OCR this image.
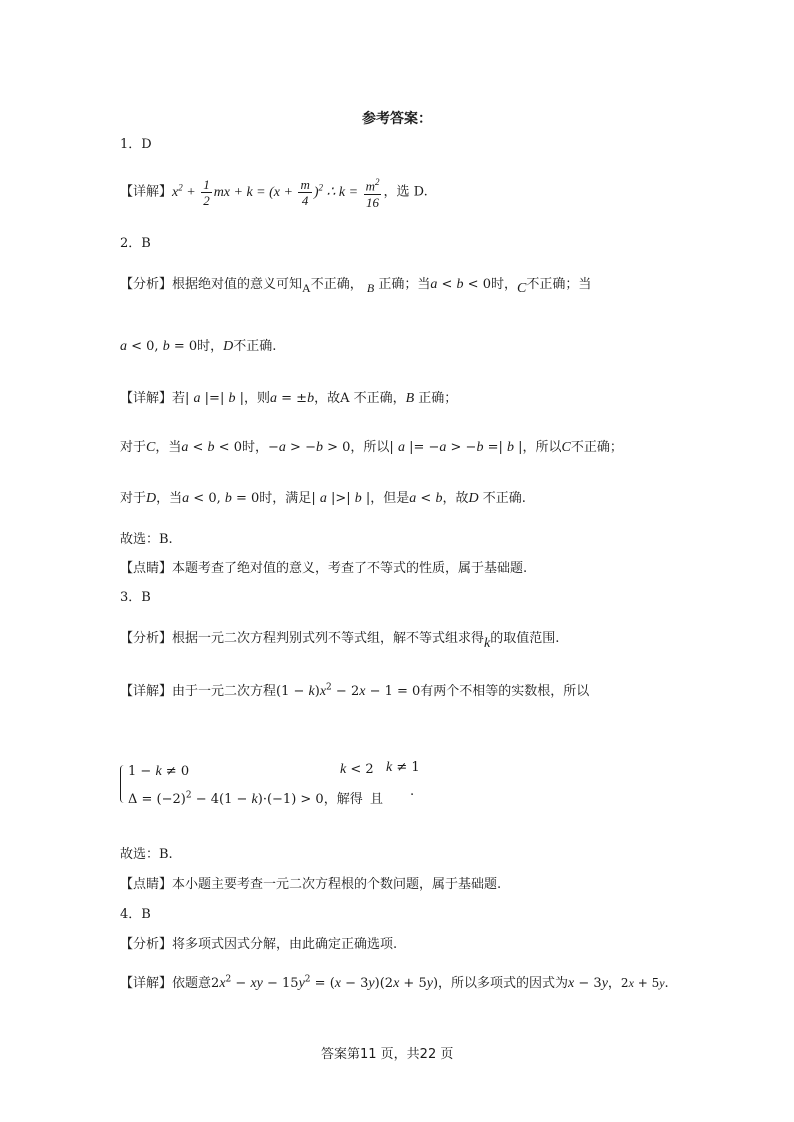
参考答案：
1．D
【详解】$x^2 + \frac{1}{2}$ mx + $k = (x + \frac{m}{4} )^2$ ∴ $k = \frac{m^2}{16}$ ，选 D.
2．B
【分析】根据绝对值的意义可知A不正确， B 正确；当a < b < 0时，C不正确；当
a < 0, b = 0时，D不正确.
【详解】若| a |=| b |，则a = ±b，故A 不正确，B 正确；
对于C，当a < b < 0时，−a > −b > 0，所以| a |= −a > −b =| b |，所以C不正确；
对于D，当a < 0, b = 0时，满足| a |>| b |，但是a < b，故D 不正确.
故选：B.
【点睛】本题考查了绝对值的意义，考查了不等式的性质，属于基础题.
3．B
【分析】根据一元二次方程判别式列不等式组，解不等式组求得k的取值范围.
【详解】由于一元二次方程$(1 - k)x^2 - 2x - 1 = 0$有两个不相等的实数根，所以
1 − k ≠ 0
$\Delta = (-2)^2 - 4(1 - k)\cdot(-1) > 0$，解得
k < 2 k ≠ 1
且
.
故选：B.
【点睛】本小题主要考查一元二次方程根的个数问题，属于基础题.
4．B
【分析】将多项式因式分解，由此确定正确选项.
【详解】依题意$2x^2$ − xy − $15y^2 = (x - 3y)(2x + 5y)$，所以多项式的因式为x − 3y，2x + 5y.
答案第11 页，共22 页
